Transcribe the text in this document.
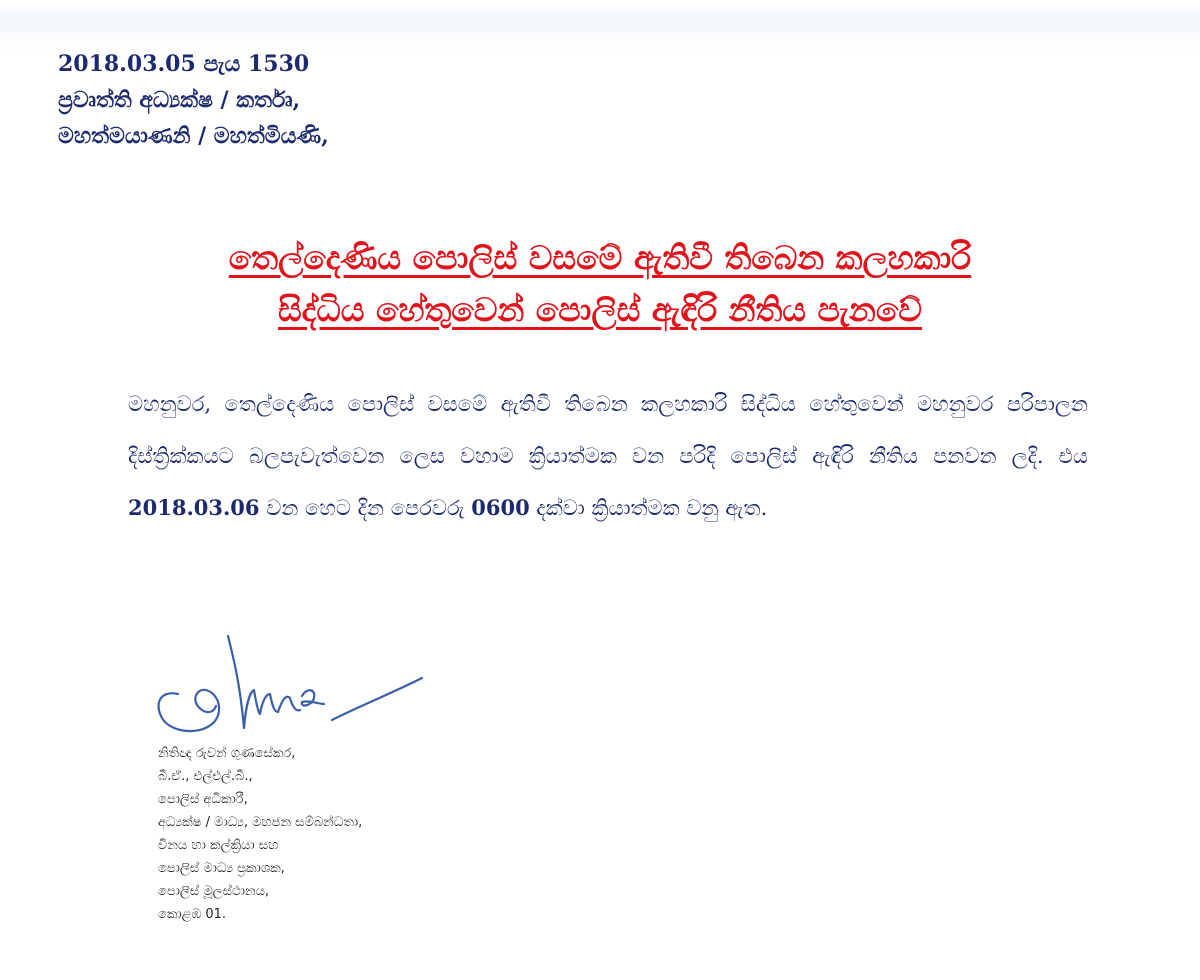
2018.03.05 පැය 1530
ප්‍රවෘත්ති අධ්‍යක්ෂ / කර්තෘ,
මහත්මයාණනි / මහත්මියණි,
තෙල්දෙණිය පොලිස් වසමේ ඇතිවී තිබෙන කලහකාරි
සිද්ධිය හේතුවෙන් පොලිස් ඇඳිරි නීතිය පැනවේ
මහනුවර, තෙල්දෙණිය පොලිස් වසමේ ඇතිවී තිබෙන කලහකාරි සිද්ධිය හේතුවෙන් මහනුවර පරිපාලන දිස්ත්‍රික්කයට බලපැවැත්වෙන ලෙස වහාම ක්‍රියාත්මක වන පරිදි පොලිස් ඇඳිරි නීතිය පනවන ලදි. එය 2018.03.06 වන හෙට දින පෙරවරු 0600 දක්වා ක්‍රියාත්මක වනු ඇත.
නිතිඥ රුවන් ගුණසේකර,
බී.ඒ., එල්එල්.බී.,
පොලිස් අධිකාරී,
අධ්‍යක්ෂ / මාධ්‍ය, මහජන සම්බන්ධතා,
විනය හා කල්ක්‍රියා සහ
පොලිස් මාධ්‍ය ප්‍රකාශක,
පොලිස් මූලස්ථානය,
කොළඹ 01.
